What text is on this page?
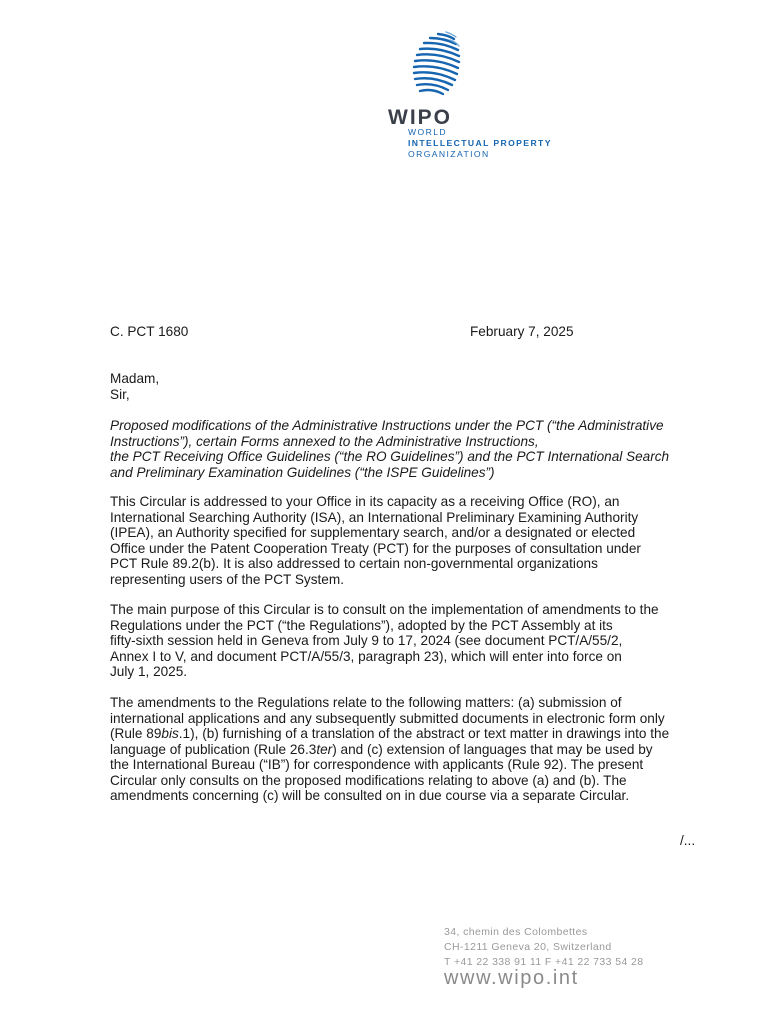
WIPO
WORLD
INTELLECTUAL PROPERTY
ORGANIZATION
C. PCT 1680	February 7, 2025
Madam,
Sir,
Proposed modifications of the Administrative Instructions under the PCT (“the Administrative
Instructions”), certain Forms annexed to the Administrative Instructions,
the PCT Receiving Office Guidelines (“the RO Guidelines”) and the PCT International Search
and Preliminary Examination Guidelines (“the ISPE Guidelines”)
This Circular is addressed to your Office in its capacity as a receiving Office (RO), an
International Searching Authority (ISA), an International Preliminary Examining Authority
(IPEA), an Authority specified for supplementary search, and/or a designated or elected
Office under the Patent Cooperation Treaty (PCT) for the purposes of consultation under
PCT Rule 89.2(b). It is also addressed to certain non-governmental organizations
representing users of the PCT System.
The main purpose of this Circular is to consult on the implementation of amendments to the
Regulations under the PCT (“the Regulations”), adopted by the PCT Assembly at its
fifty-sixth session held in Geneva from July 9 to 17, 2024 (see document PCT/A/55/2,
Annex I to V, and document PCT/A/55/3, paragraph 23), which will enter into force on
July 1, 2025.
The amendments to the Regulations relate to the following matters: (a) submission of
international applications and any subsequently submitted documents in electronic form only
(Rule 89bis.1), (b) furnishing of a translation of the abstract or text matter in drawings into the
language of publication (Rule 26.3ter) and (c) extension of languages that may be used by
the International Bureau (“IB”) for correspondence with applicants (Rule 92). The present
Circular only consults on the proposed modifications relating to above (a) and (b). The
amendments concerning (c) will be consulted on in due course via a separate Circular.
/...
34, chemin des Colombettes
CH-1211 Geneva 20, Switzerland
T +41 22 338 91 11 F +41 22 733 54 28
www.wipo.int
